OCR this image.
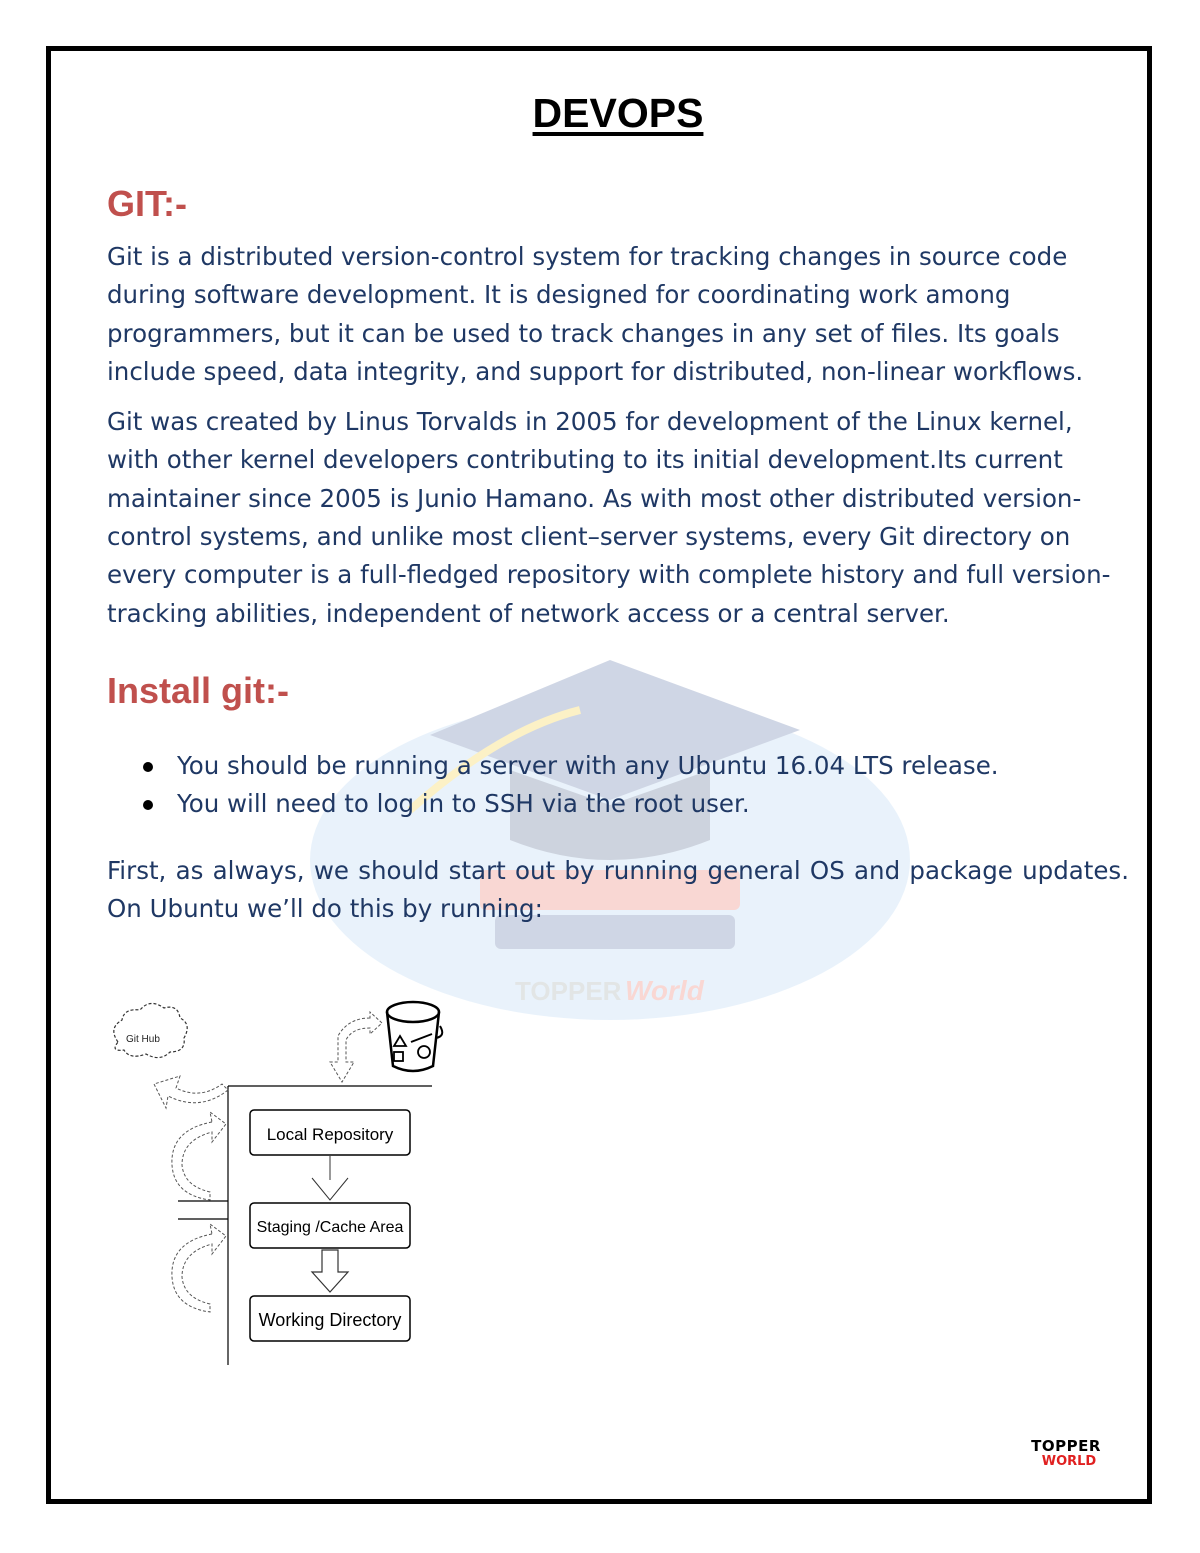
TOPPER World
DEVOPS
GIT:-

Git is a distributed version-control system for tracking changes in source code during software development. It is designed for coordinating work among programmers, but it can be used to track changes in any set of files. Its goals include speed, data integrity, and support for distributed, non-linear workflows.

Git was created by Linus Torvalds in 2005 for development of the Linux kernel, with other kernel developers contributing to its initial development.Its current maintainer since 2005 is Junio Hamano. As with most other distributed version-control systems, and unlike most client–server systems, every Git directory on every computer is a full-fledged repository with complete history and full version-tracking abilities, independent of network access or a central server.

Install git:-
You should be running a server with any Ubuntu 16.04 LTS release.
You will need to log in to SSH via the root user.

First, as always, we should start out by running general OS and package updates. On Ubuntu we’ll do this by running:

Git Hub
Local Repository
Staging /Cache Area
Working Directory
TOPPER
WORLD
